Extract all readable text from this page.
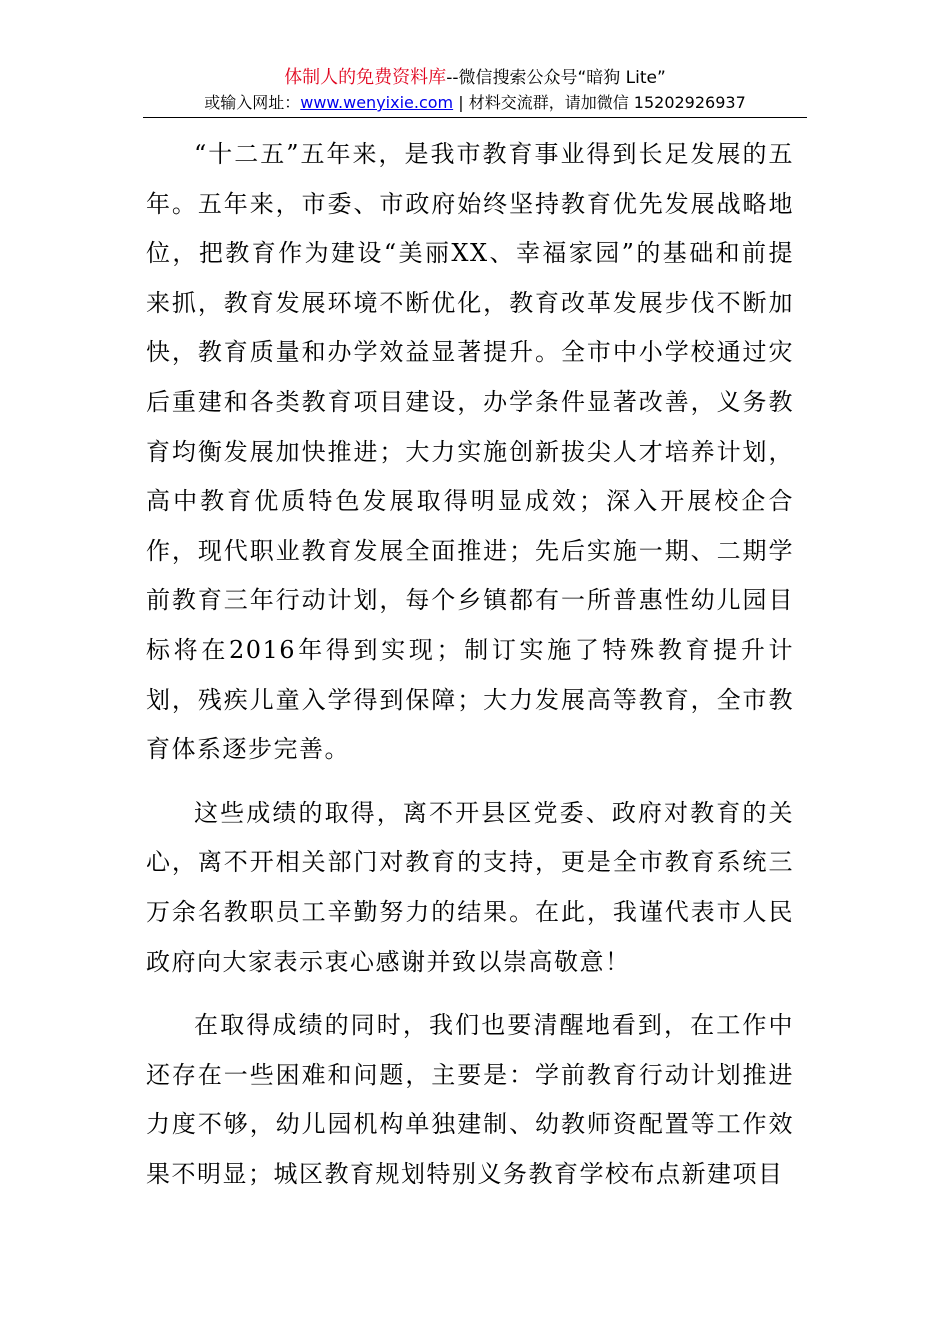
体制人的免费资料库--微信搜索公众号“暗狗 Lite”
或输入网址：www.wenyixie.com | 材料交流群，请加微信 15202926937

“十二五”五年来，是我市教育事业得到长足发展的五年。五年来，市委、市政府始终坚持教育优先发展战略地位，把教育作为建设“美丽XX、幸福家园”的基础和前提来抓，教育发展环境不断优化，教育改革发展步伐不断加快，教育质量和办学效益显著提升。全市中小学校通过灾后重建和各类教育项目建设，办学条件显著改善，义务教育均衡发展加快推进；大力实施创新拔尖人才培养计划，高中教育优质特色发展取得明显成效；深入开展校企合作，现代职业教育发展全面推进；先后实施一期、二期学前教育三年行动计划，每个乡镇都有一所普惠性幼儿园目标将在2016年得到实现；制订实施了特殊教育提升计划，残疾儿童入学得到保障；大力发展高等教育，全市教育体系逐步完善。

这些成绩的取得，离不开县区党委、政府对教育的关心，离不开相关部门对教育的支持，更是全市教育系统三万余名教职员工辛勤努力的结果。在此，我谨代表市人民政府向大家表示衷心感谢并致以崇高敬意！

在取得成绩的同时，我们也要清醒地看到，在工作中还存在一些困难和问题，主要是：学前教育行动计划推进力度不够，幼儿园机构单独建制、幼教师资配置等工作效果不明显；城区教育规划特别义务教育学校布点新建项目
